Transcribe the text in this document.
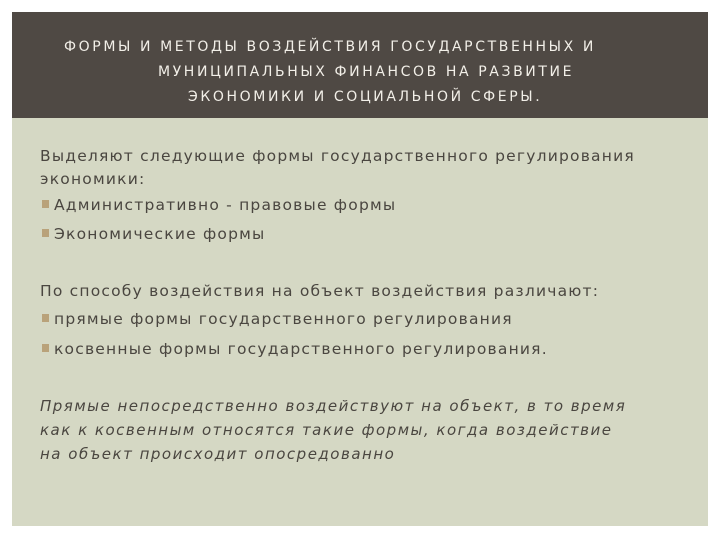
ФОРМЫ И МЕТОДЫ ВОЗДЕЙСТВИЯ ГОСУДАРСТВЕННЫХ И

МУНИЦИПАЛЬНЫХ ФИНАНСОВ НА РАЗВИТИЕ

ЭКОНОМИКИ И СОЦИАЛЬНОЙ СФЕРЫ.

Выделяют следующие формы государственного регулирования

экономики:

Административно - правовые формы

Экономические формы

По способу воздействия на объект воздействия различают:

прямые формы государственного регулирования

косвенные формы государственного регулирования.

Прямые непосредственно воздействуют на объект, в то время

как к косвенным относятся такие формы, когда воздействие

на объект происходит опосредованно
